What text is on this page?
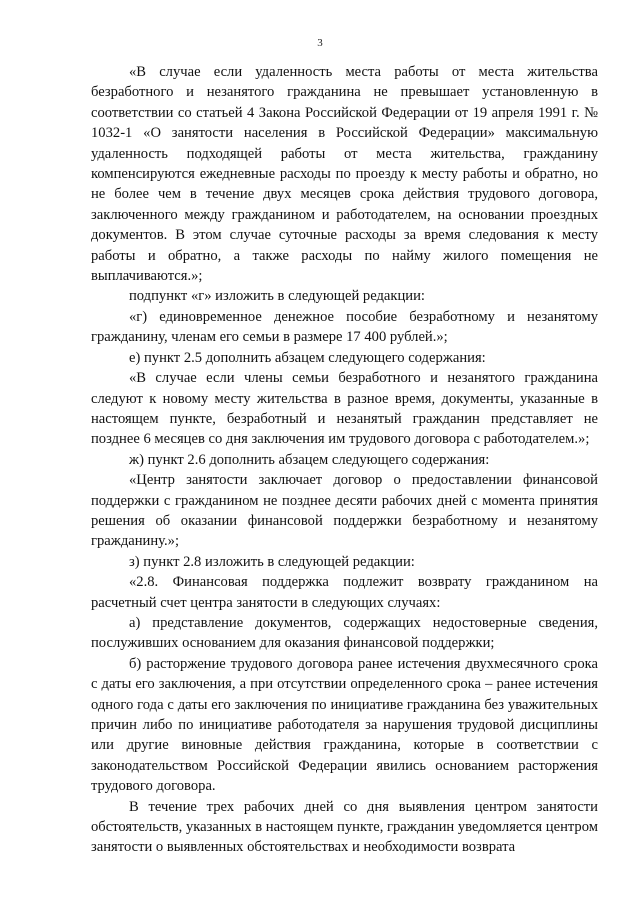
3

«В случае если удаленность места работы от места жительства безработного и незанятого гражданина не превышает установленную в соответствии со статьей 4 Закона Российской Федерации от 19 апреля 1991 г. № 1032-1 «О занятости населения в Российской Федерации» максимальную удаленность подходящей работы от места жительства, гражданину компенсируются ежедневные расходы по проезду к месту работы и обратно, но не более чем в течение двух месяцев срока действия трудового договора, заключенного между гражданином и работодателем, на основании проездных документов. В этом случае суточные расходы за время следования к месту работы и обратно, а также расходы по найму жилого помещения не выплачиваются.»;

подпункт «г» изложить в следующей редакции:

«г) единовременное денежное пособие безработному и незанятому гражданину, членам его семьи в размере 17 400 рублей.»;

е) пункт 2.5 дополнить абзацем следующего содержания:

«В случае если члены семьи безработного и незанятого гражданина следуют к новому месту жительства в разное время, документы, указанные в настоящем пункте, безработный и незанятый гражданин представляет не позднее 6 месяцев со дня заключения им трудового договора с работодателем.»;

ж) пункт 2.6 дополнить абзацем следующего содержания:

«Центр занятости заключает договор о предоставлении финансовой поддержки с гражданином не позднее десяти рабочих дней с момента принятия решения об оказании финансовой поддержки безработному и незанятому гражданину.»;

з) пункт 2.8 изложить в следующей редакции:

«2.8. Финансовая поддержка подлежит возврату гражданином на расчетный счет центра занятости в следующих случаях:

а) представление документов, содержащих недостоверные сведения, послуживших основанием для оказания финансовой поддержки;

б) расторжение трудового договора ранее истечения двухмесячного срока с даты его заключения, а при отсутствии определенного срока – ранее истечения одного года с даты его заключения по инициативе гражданина без уважительных причин либо по инициативе работодателя за нарушения трудовой дисциплины или другие виновные действия гражданина, которые в соответствии с законодательством Российской Федерации явились основанием расторжения трудового договора.

В течение трех рабочих дней со дня выявления центром занятости обстоятельств, указанных в настоящем пункте, гражданин уведомляется центром занятости о выявленных обстоятельствах и необходимости возврата
